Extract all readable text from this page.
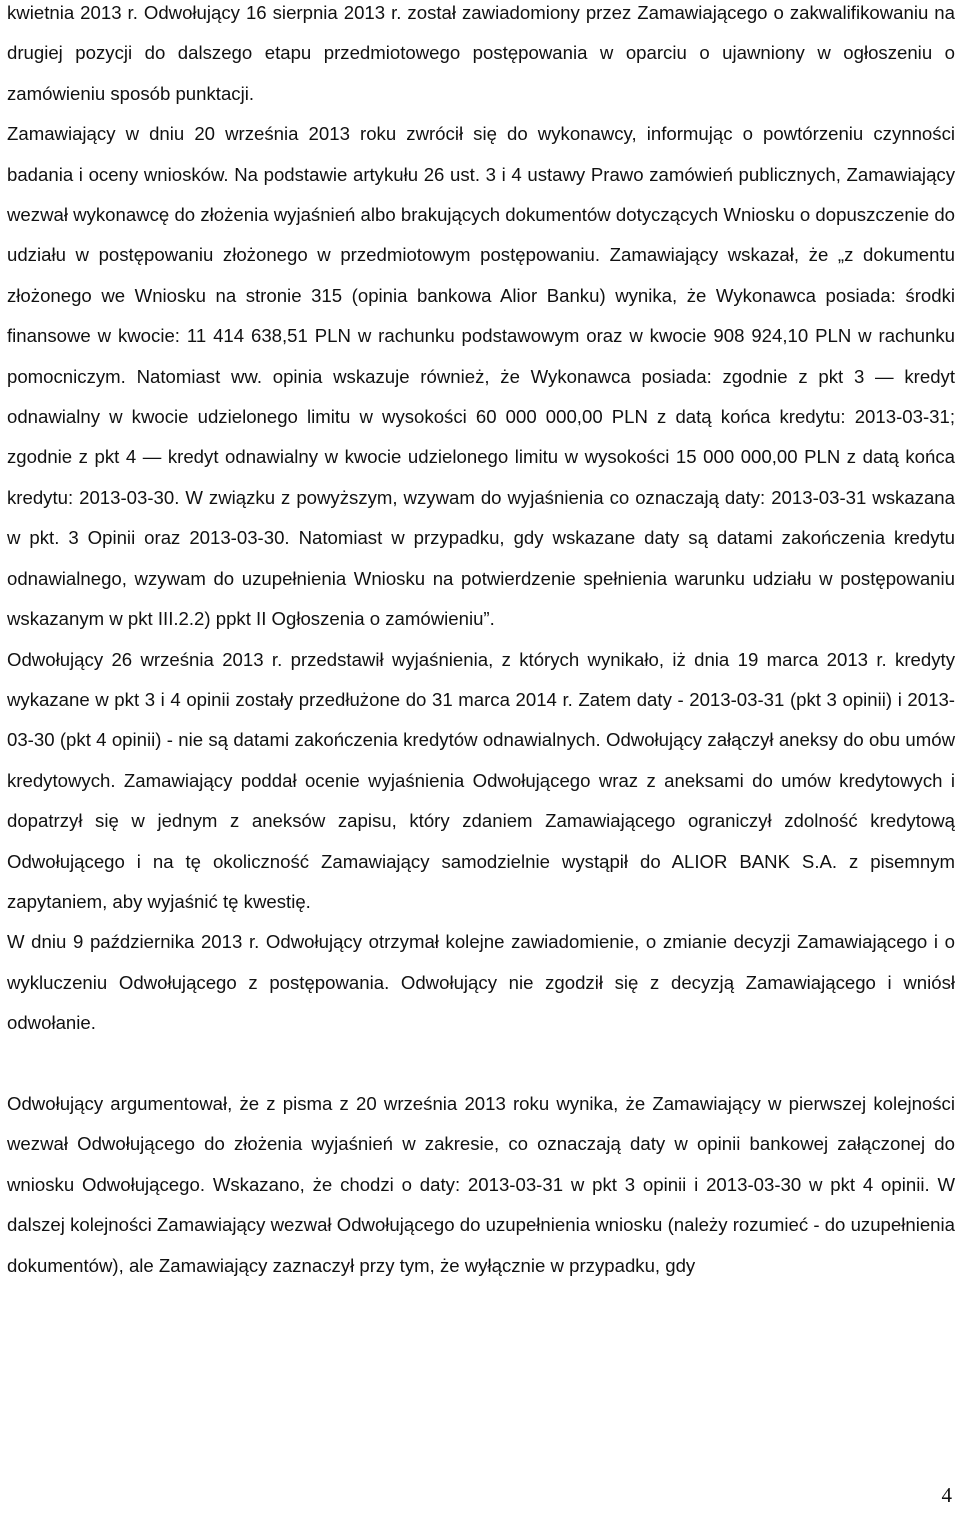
kwietnia 2013 r. Odwołujący 16 sierpnia 2013 r. został zawiadomiony przez Zamawiającego o zakwalifikowaniu na drugiej pozycji do dalszego etapu przedmiotowego postępowania w oparciu o ujawniony w ogłoszeniu o zamówieniu sposób punktacji.

Zamawiający w dniu 20 września 2013 roku zwrócił się do wykonawcy, informując o powtórzeniu czynności badania i oceny wniosków. Na podstawie artykułu 26 ust. 3 i 4 ustawy Prawo zamówień publicznych, Zamawiający wezwał wykonawcę do złożenia wyjaśnień albo brakujących dokumentów dotyczących Wniosku o dopuszczenie do udziału w postępowaniu złożonego w przedmiotowym postępowaniu. Zamawiający wskazał, że „z dokumentu złożonego we Wniosku na stronie 315 (opinia bankowa Alior Banku) wynika, że Wykonawca posiada: środki finansowe w kwocie: 11 414 638,51 PLN w rachunku podstawowym oraz w kwocie 908 924,10 PLN w rachunku pomocniczym. Natomiast ww. opinia wskazuje również, że Wykonawca posiada: zgodnie z pkt 3 — kredyt odnawialny w kwocie udzielonego limitu w wysokości 60 000 000,00 PLN z datą końca kredytu: 2013-03-31; zgodnie z pkt 4 — kredyt odnawialny w kwocie udzielonego limitu w wysokości 15 000 000,00 PLN z datą końca kredytu: 2013-03-30. W związku z powyższym, wzywam do wyjaśnienia co oznaczają daty: 2013-03-31 wskazana w pkt. 3 Opinii oraz 2013-03-30. Natomiast w przypadku, gdy wskazane daty są datami zakończenia kredytu odnawialnego, wzywam do uzupełnienia Wniosku na potwierdzenie spełnienia warunku udziału w postępowaniu wskazanym w pkt III.2.2) ppkt II Ogłoszenia o zamówieniu”.

Odwołujący 26 września 2013 r. przedstawił wyjaśnienia, z których wynikało, iż dnia 19 marca 2013 r. kredyty wykazane w pkt 3 i 4 opinii zostały przedłużone do 31 marca 2014 r. Zatem daty - 2013-03-31 (pkt 3 opinii) i 2013-03-30 (pkt 4 opinii) - nie są datami zakończenia kredytów odnawialnych. Odwołujący załączył aneksy do obu umów kredytowych. Zamawiający poddał ocenie wyjaśnienia Odwołującego wraz z aneksami do umów kredytowych i dopatrzył się w jednym z aneksów zapisu, który zdaniem Zamawiającego ograniczył zdolność kredytową Odwołującego i na tę okoliczność Zamawiający samodzielnie wystąpił do ALIOR BANK S.A. z pisemnym zapytaniem, aby wyjaśnić tę kwestię.

W dniu 9 października 2013 r. Odwołujący otrzymał kolejne zawiadomienie, o zmianie decyzji Zamawiającego i o wykluczeniu Odwołującego z postępowania. Odwołujący nie zgodził się z decyzją Zamawiającego i wniósł odwołanie.

Odwołujący argumentował, że z pisma z 20 września 2013 roku wynika, że Zamawiający w pierwszej kolejności wezwał Odwołującego do złożenia wyjaśnień w zakresie, co oznaczają daty w opinii bankowej załączonej do wniosku Odwołującego. Wskazano, że chodzi o daty: 2013-03-31 w pkt 3 opinii i 2013-03-30 w pkt 4 opinii. W dalszej kolejności Zamawiający wezwał Odwołującego do uzupełnienia wniosku (należy rozumieć - do uzupełnienia dokumentów), ale Zamawiający zaznaczył przy tym, że wyłącznie w przypadku, gdy

4
